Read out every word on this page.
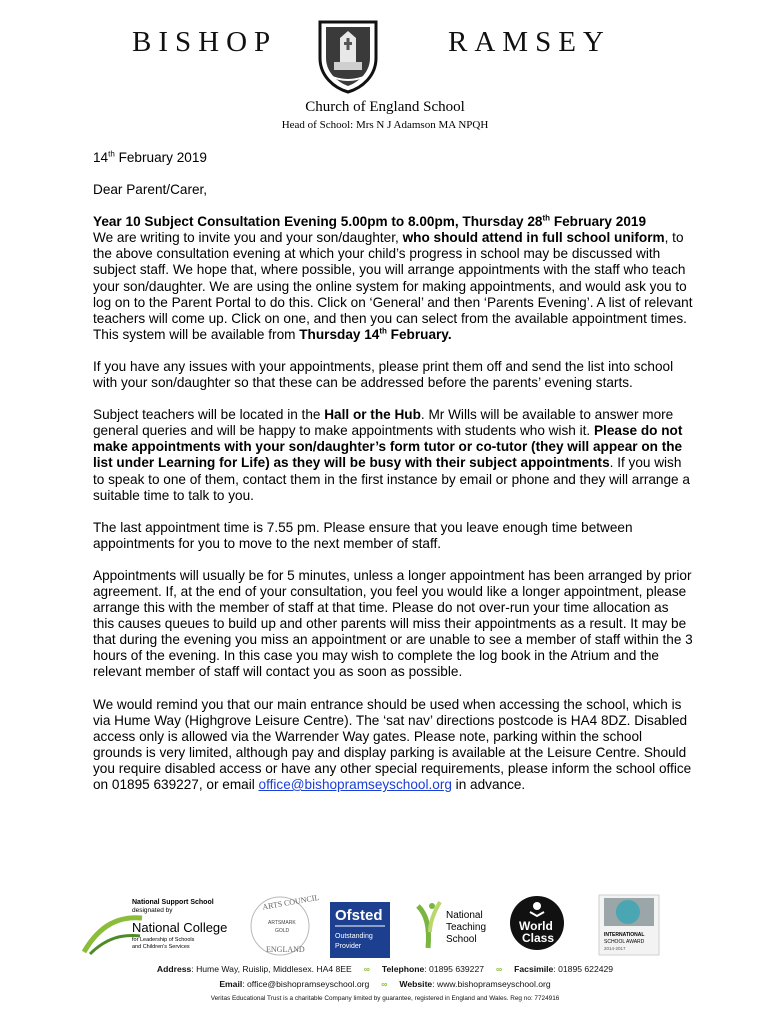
BISHOP	RAMSEY
Church of England School
Head of School: Mrs N J Adamson MA NPQH

14th February 2019

Dear Parent/Carer,

Year 10 Subject Consultation Evening 5.00pm to 8.00pm, Thursday 28th February 2019
We are writing to invite you and your son/daughter, who should attend in full school uniform, to the above consultation evening at which your child’s progress in school may be discussed with subject staff. We hope that, where possible, you will arrange appointments with the staff who teach your son/daughter. We are using the online system for making appointments, and would ask you to log on to the Parent Portal to do this. Click on ‘General’ and then ‘Parents Evening’. A list of relevant teachers will come up. Click on one, and then you can select from the available appointment times. This system will be available from Thursday 14th February.

If you have any issues with your appointments, please print them off and send the list into school with your son/daughter so that these can be addressed before the parents’ evening starts.

Subject teachers will be located in the Hall or the Hub. Mr Wills will be available to answer more general queries and will be happy to make appointments with students who wish it. Please do not make appointments with your son/daughter’s form tutor or co-tutor (they will appear on the list under Learning for Life) as they will be busy with their subject appointments. If you wish to speak to one of them, contact them in the first instance by email or phone and they will arrange a suitable time to talk to you.

The last appointment time is 7.55 pm. Please ensure that you leave enough time between appointments for you to move to the next member of staff.

Appointments will usually be for 5 minutes, unless a longer appointment has been arranged by prior agreement. If, at the end of your consultation, you feel you would like a longer appointment, please arrange this with the member of staff at that time. Please do not over-run your time allocation as this causes queues to build up and other parents will miss their appointments as a result. It may be that during the evening you miss an appointment or are unable to see a member of staff within the 3 hours of the evening. In this case you may wish to complete the log book in the Atrium and the relevant member of staff will contact you as soon as possible.

We would remind you that our main entrance should be used when accessing the school, which is via Hume Way (Highgrove Leisure Centre). The ‘sat nav’ directions postcode is HA4 8DZ. Disabled access only is allowed via the Warrender Way gates. Please note, parking within the school grounds is very limited, although pay and display parking is available at the Leisure Centre. Should you require disabled access or have any other special requirements, please inform the school office on 01895 639227, or email office@bishopramseyschool.org in advance.

National Support School
designated by
National College
for Leadership of Schools
and Children’s Services
ARTS COUNCIL
ARTSMARK
GOLD
ENGLAND
Ofsted
Outstanding
Provider
National
Teaching
School
World
Class	INTERNATIONAL
SCHOOL AWARD
2014-2017
Address: Hume Way, Ruislip, Middlesex. HA4 8EE ∞ Telephone: 01895 639227 ∞ Facsimile: 01895 622429
Email: office@bishopramseyschool.org ∞ Website: www.bishopramseyschool.org
Veritas Educational Trust is a charitable Company limited by guarantee, registered in England and Wales. Reg no: 7724916
